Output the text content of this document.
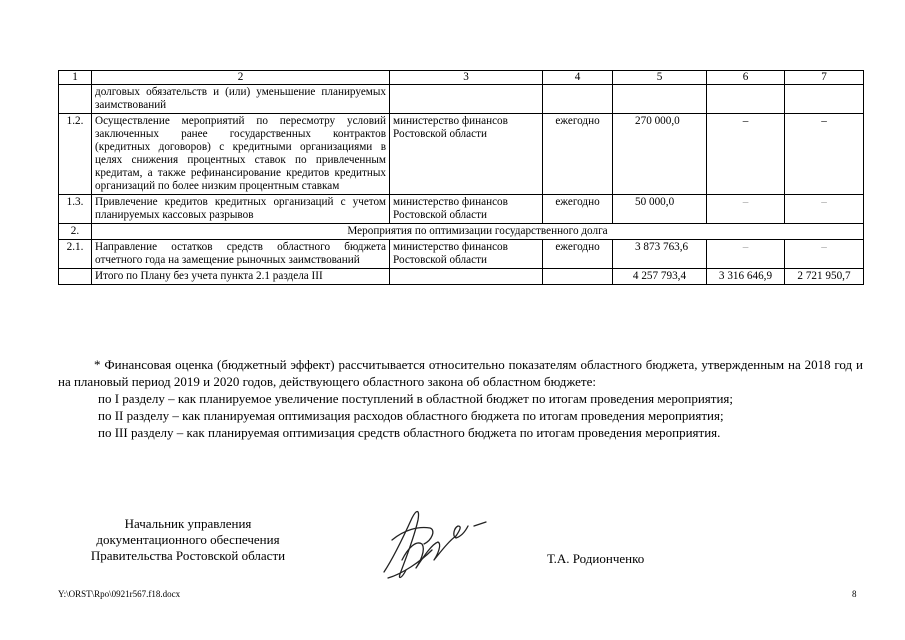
1	2	3	4	5	6	7
	долговых обязательств и (или) уменьшение планируемых заимствований					
1.2.	Осуществление мероприятий по пересмотру условий заключенных ранее государственных контрактов (кредитных договоров) с кредитными организациями в целях снижения процентных ставок по привлеченным кредитам, а также рефинансирование кредитов кредитных организаций по более низким процентным ставкам	министерство финансов Ростовской области	ежегодно	270 000,0	–	–
1.3.	Привлечение кредитов кредитных организаций с учетом планируемых кассовых разрывов	министерство финансов Ростовской области	ежегодно	50 000,0	–	–
2.	Мероприятия по оптимизации государственного долга					
2.1.	Направление остатков средств областного бюджета отчетного года на замещение рыночных заимствований	министерство финансов Ростовской области	ежегодно	3 873 763,6	–	–
	Итого по Плану без учета пункта 2.1 раздела III			4 257 793,4	3 316 646,9	2 721 950,7

* Финансовая оценка (бюджетный эффект) рассчитывается относительно показателям областного бюджета, утвержденным на 2018 год и на плановый период 2019 и 2020 годов, действующего областного закона об областном бюджете:

по I разделу – как планируемое увеличение поступлений в областной бюджет по итогам проведения мероприятия;

по II разделу – как планируемая оптимизация расходов областного бюджета по итогам проведения мероприятия;

по III разделу – как планируемая оптимизация средств областного бюджета по итогам проведения мероприятия.

Начальник управления
документационного обеспечения
Правительства Ростовской области	Т.А. Родионченко
Y:\ORST\Rpo\0921r567.f18.docx	8
